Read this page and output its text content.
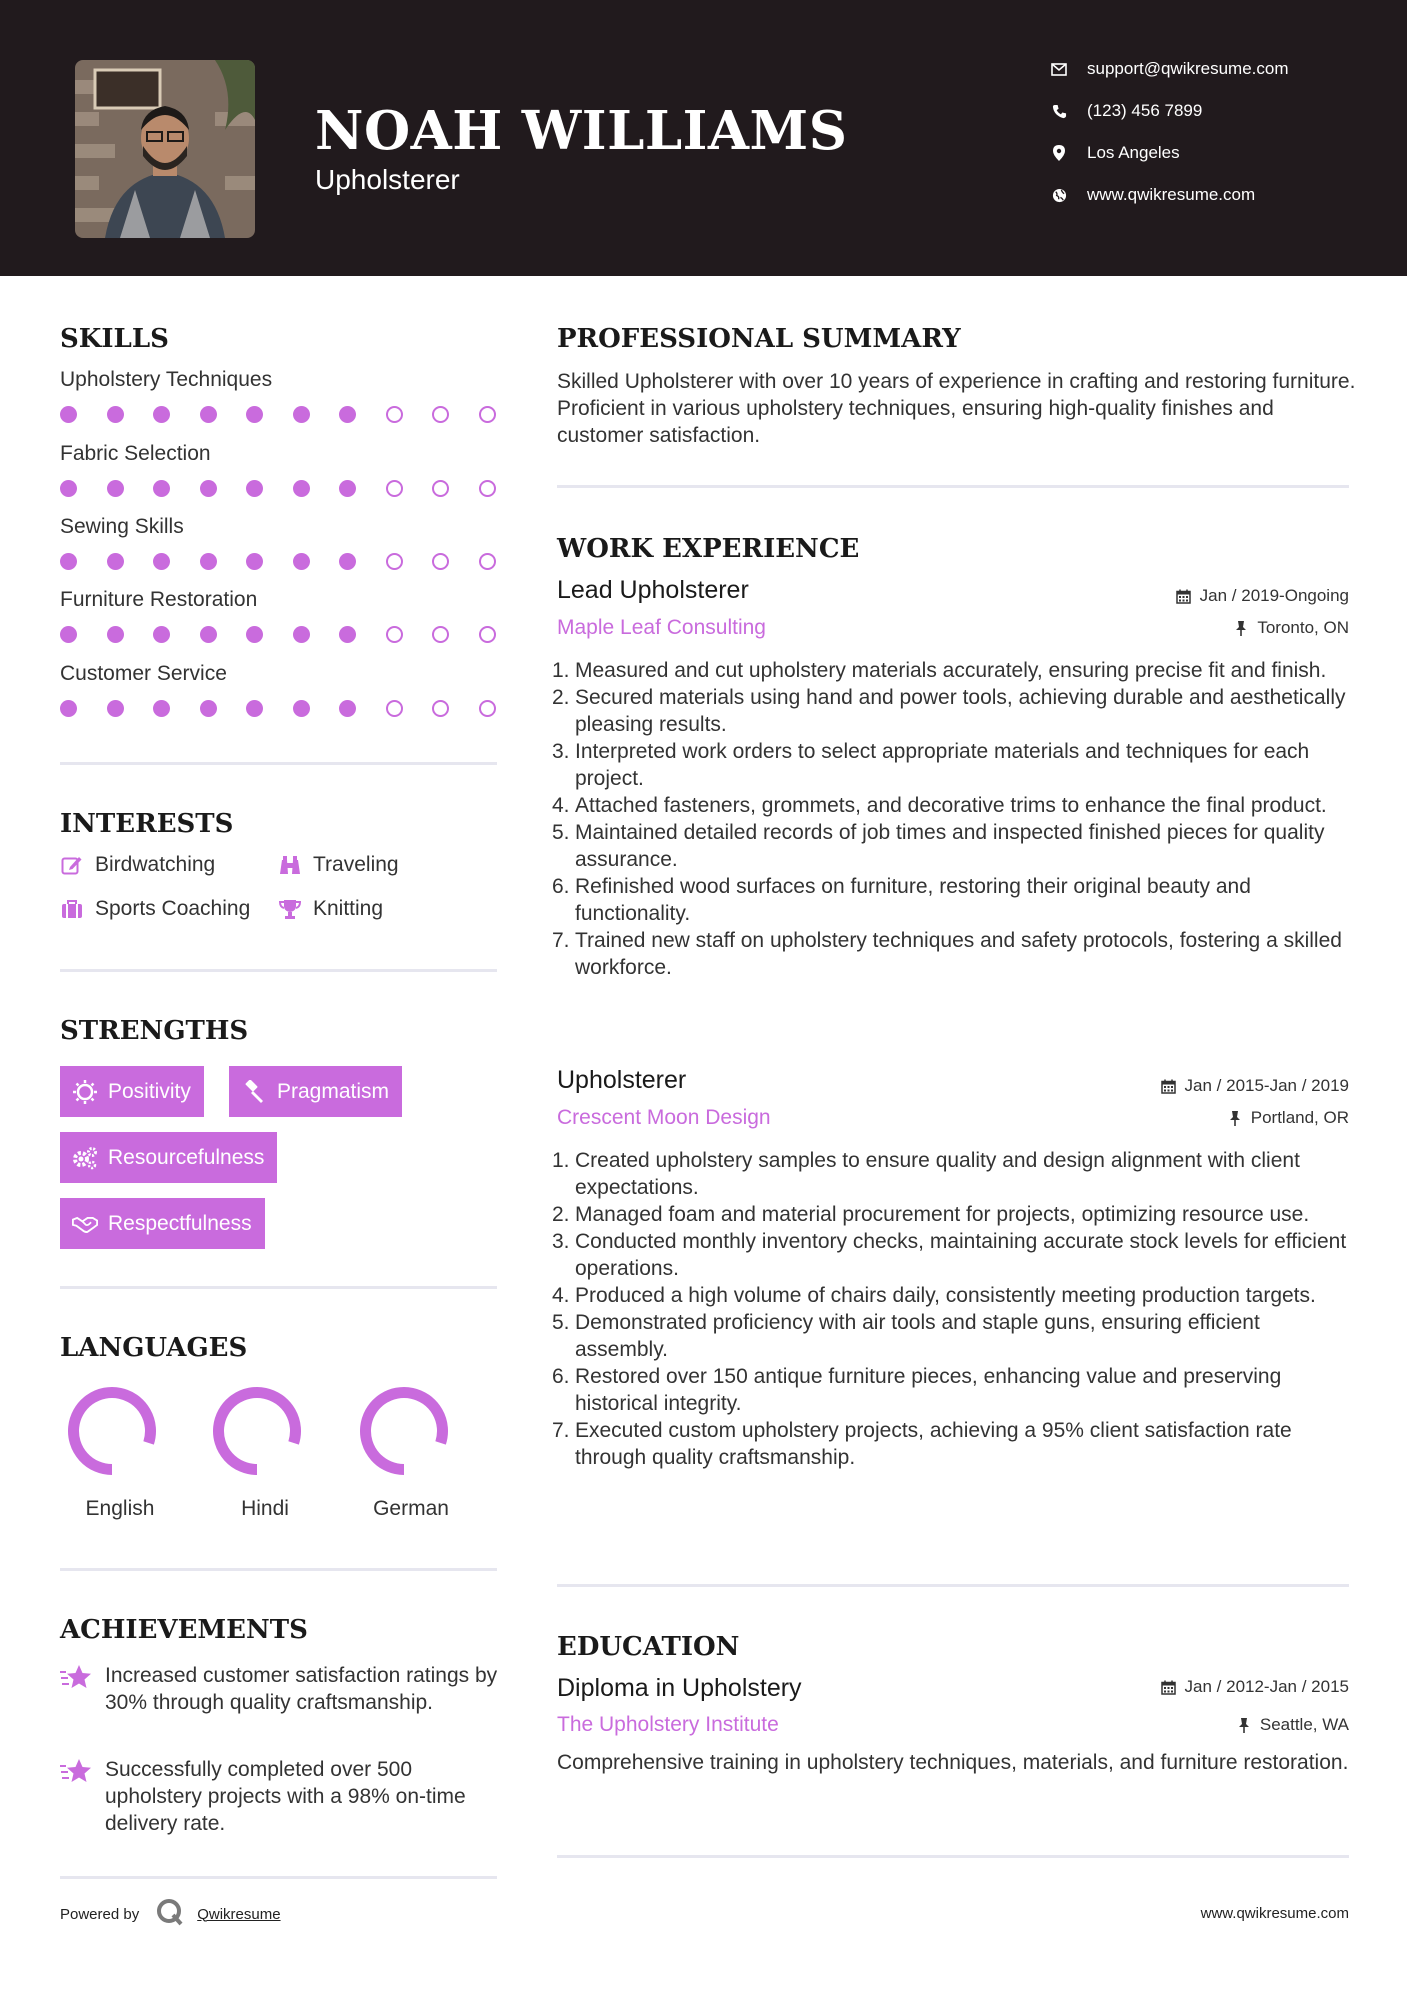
NOAH WILLIAMS
Upholsterer
support@qwikresume.com
(123) 456 7899
Los Angeles
www.qwikresume.com
SKILLS
Upholstery Techniques
Fabric Selection
Sewing Skills
Furniture Restoration
Customer Service
INTERESTS
Birdwatching	Traveling
Sports Coaching	Knitting
STRENGTHS
Positivity	Pragmatism
Resourcefulness
Respectfulness
LANGUAGES
English	Hindi	German
ACHIEVEMENTS
Increased customer satisfaction ratings by 30% through quality craftsmanship.
Successfully completed over 500 upholstery projects with a 98% on-time delivery rate.
Powered by	Qwikresume	www.qwikresume.com
PROFESSIONAL SUMMARY
Skilled Upholsterer with over 10 years of experience in crafting and restoring furniture. Proficient in various upholstery techniques, ensuring high-quality finishes and customer satisfaction.
WORK EXPERIENCE
Lead Upholsterer	Jan / 2019-Ongoing
Maple Leaf Consulting	Toronto, ON
1. Measured and cut upholstery materials accurately, ensuring precise fit and finish.
2. Secured materials using hand and power tools, achieving durable and aesthetically pleasing results.
3. Interpreted work orders to select appropriate materials and techniques for each project.
4. Attached fasteners, grommets, and decorative trims to enhance the final product.
5. Maintained detailed records of job times and inspected finished pieces for quality assurance.
6. Refinished wood surfaces on furniture, restoring their original beauty and functionality.
7. Trained new staff on upholstery techniques and safety protocols, fostering a skilled workforce.
Upholsterer	Jan / 2015-Jan / 2019
Crescent Moon Design	Portland, OR
1. Created upholstery samples to ensure quality and design alignment with client expectations.
2. Managed foam and material procurement for projects, optimizing resource use.
3. Conducted monthly inventory checks, maintaining accurate stock levels for efficient operations.
4. Produced a high volume of chairs daily, consistently meeting production targets.
5. Demonstrated proficiency with air tools and staple guns, ensuring efficient assembly.
6. Restored over 150 antique furniture pieces, enhancing value and preserving historical integrity.
7. Executed custom upholstery projects, achieving a 95% client satisfaction rate through quality craftsmanship.
EDUCATION
Diploma in Upholstery	Jan / 2012-Jan / 2015
The Upholstery Institute	Seattle, WA
Comprehensive training in upholstery techniques, materials, and furniture restoration.
